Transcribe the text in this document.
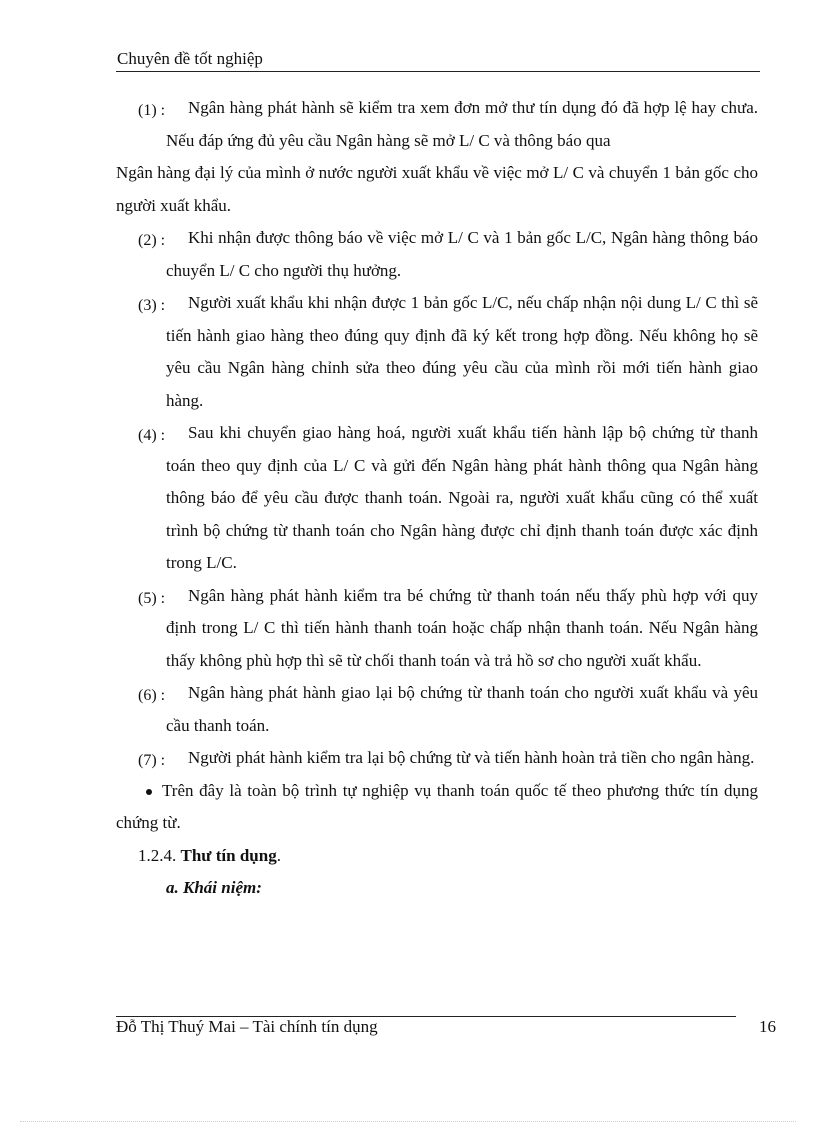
Chuyên đề tốt nghiệp
(1) :	Ngân hàng phát hành sẽ kiểm tra xem đơn mở thư tín dụng đó đã hợp lệ hay chưa. Nếu đáp ứng đủ yêu cầu Ngân hàng sẽ mở L/ C và thông báo qua
Ngân hàng đại lý của mình ở nước người xuất khẩu về việc mở L/ C và chuyển 1 bản gốc cho người xuất khẩu.
(2) :	Khi nhận được thông báo về việc mở L/ C và 1 bản gốc L/C, Ngân hàng thông báo chuyển L/ C cho người thụ hưởng.
(3) :	Người xuất khẩu khi nhận được 1 bản gốc L/C, nếu chấp nhận nội dung L/ C thì sẽ tiến hành giao hàng theo đúng quy định đã ký kết trong hợp đồng. Nếu không họ sẽ yêu cầu Ngân hàng chỉnh sửa theo đúng yêu cầu của mình rồi mới tiến hành giao hàng.
(4) :	Sau khi chuyển giao hàng hoá, người xuất khẩu tiến hành lập bộ chứng từ thanh toán theo quy định của L/ C và gửi đến Ngân hàng phát hành thông qua Ngân hàng thông báo để yêu cầu được thanh toán. Ngoài ra, người xuất khẩu cũng có thể xuất trình bộ chứng từ thanh toán cho Ngân hàng được chỉ định thanh toán được xác định trong L/C.
(5) :	Ngân hàng phát hành kiểm tra bé chứng từ thanh toán nếu thấy phù hợp với quy định trong L/ C thì tiến hành thanh toán hoặc chấp nhận thanh toán. Nếu Ngân hàng thấy không phù hợp thì sẽ từ chối thanh toán và trả hồ sơ cho người xuất khẩu.
(6) :	Ngân hàng phát hành giao lại bộ chứng từ thanh toán cho người xuất khẩu và yêu cầu thanh toán.
(7) :	Người phát hành kiểm tra lại bộ chứng từ và tiến hành hoàn trả tiền cho ngân hàng.
Trên đây là toàn bộ trình tự nghiệp vụ thanh toán quốc tế theo phương thức tín dụng chứng từ.
1.2.4. Thư tín dụng.
a. Khái niệm:
Đỗ Thị Thuý Mai – Tài chính tín dụng	16
